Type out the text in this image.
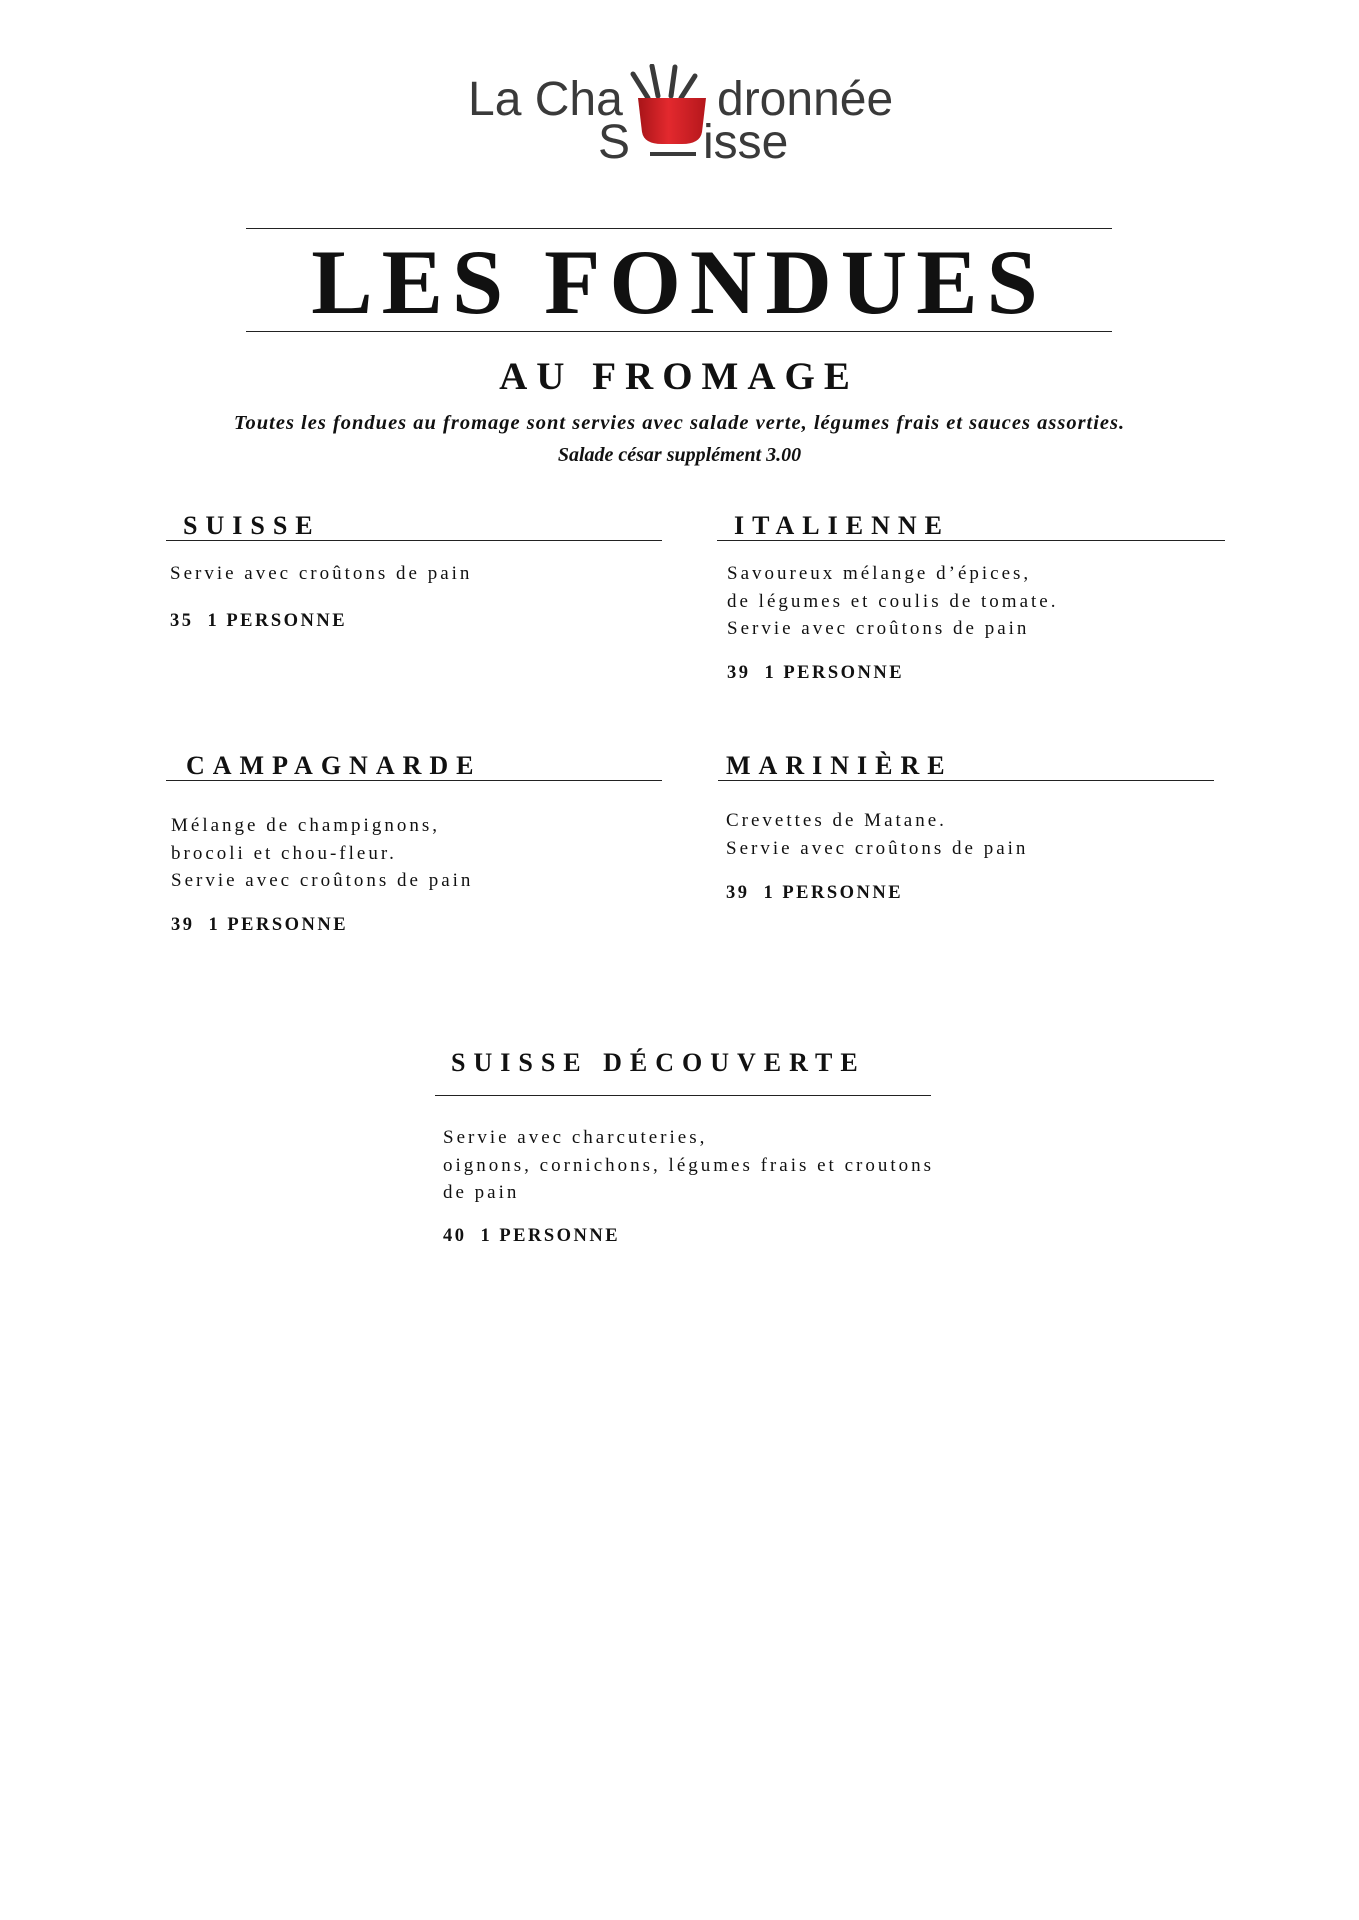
La Cha dronnée
S isse
LES FONDUES
AU FROMAGE

Toutes les fondues au fromage sont servies avec salade verte, légumes frais et sauces assorties.

Salade césar supplément 3.00

SUISSE

Servie avec croûtons de pain

35 1 PERSONNE

ITALIENNE

Savoureux mélange d’épices,
de légumes et coulis de tomate.
Servie avec croûtons de pain

39 1 PERSONNE

CAMPAGNARDE

Mélange de champignons,
brocoli et chou-fleur.
Servie avec croûtons de pain

39 1 PERSONNE

MARINIÈRE

Crevettes de Matane.
Servie avec croûtons de pain

39 1 PERSONNE

SUISSE DÉCOUVERTE

Servie avec charcuteries,
oignons, cornichons, légumes frais et croutons
de pain

40 1 PERSONNE
